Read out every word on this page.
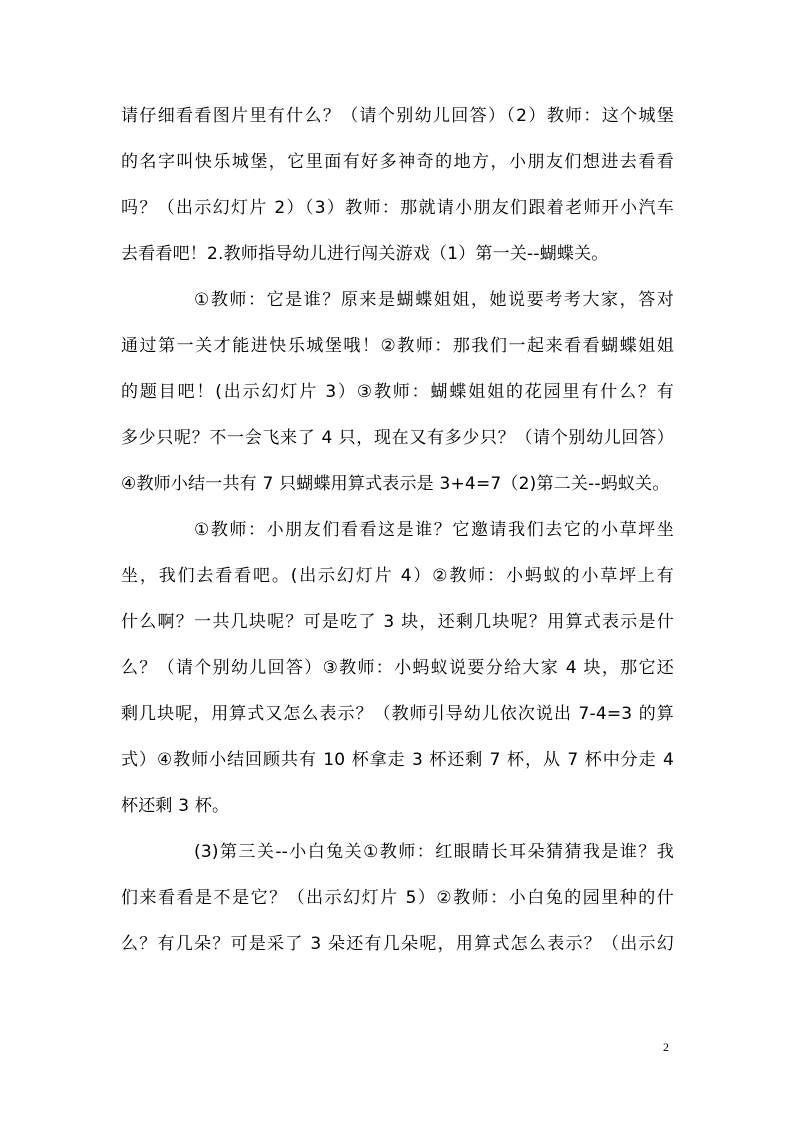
请仔细看看图片里有什么？（请个别幼儿回答）（2）教师：这个城堡
的名字叫快乐城堡，它里面有好多神奇的地方，小朋友们想进去看看
吗？（出示幻灯片 2）（3）教师：那就请小朋友们跟着老师开小汽车
去看看吧！2.教师指导幼儿进行闯关游戏（1）第一关--蝴蝶关。
①教师：它是谁？原来是蝴蝶姐姐，她说要考考大家，答对
通过第一关才能进快乐城堡哦！②教师：那我们一起来看看蝴蝶姐姐
的题目吧！(出示幻灯片 3）③教师：蝴蝶姐姐的花园里有什么？有
多少只呢？不一会飞来了 4 只，现在又有多少只？（请个别幼儿回答）
④教师小结一共有 7 只蝴蝶用算式表示是 3+4=7（2)第二关--蚂蚁关。
①教师：小朋友们看看这是谁？它邀请我们去它的小草坪坐
坐，我们去看看吧。(出示幻灯片 4）②教师：小蚂蚁的小草坪上有
什么啊？一共几块呢？可是吃了 3 块，还剩几块呢？用算式表示是什
么？（请个别幼儿回答）③教师：小蚂蚁说要分给大家 4 块，那它还
剩几块呢，用算式又怎么表示？（教师引导幼儿依次说出 7-4=3 的算
式）④教师小结回顾共有 10 杯拿走 3 杯还剩 7 杯，从 7 杯中分走 4
杯还剩 3 杯。
(3)第三关--小白兔关①教师：红眼睛长耳朵猜猜我是谁？我
们来看看是不是它？（出示幻灯片 5）②教师：小白兔的园里种的什
么？有几朵？可是采了 3 朵还有几朵呢，用算式怎么表示？（出示幻
2
